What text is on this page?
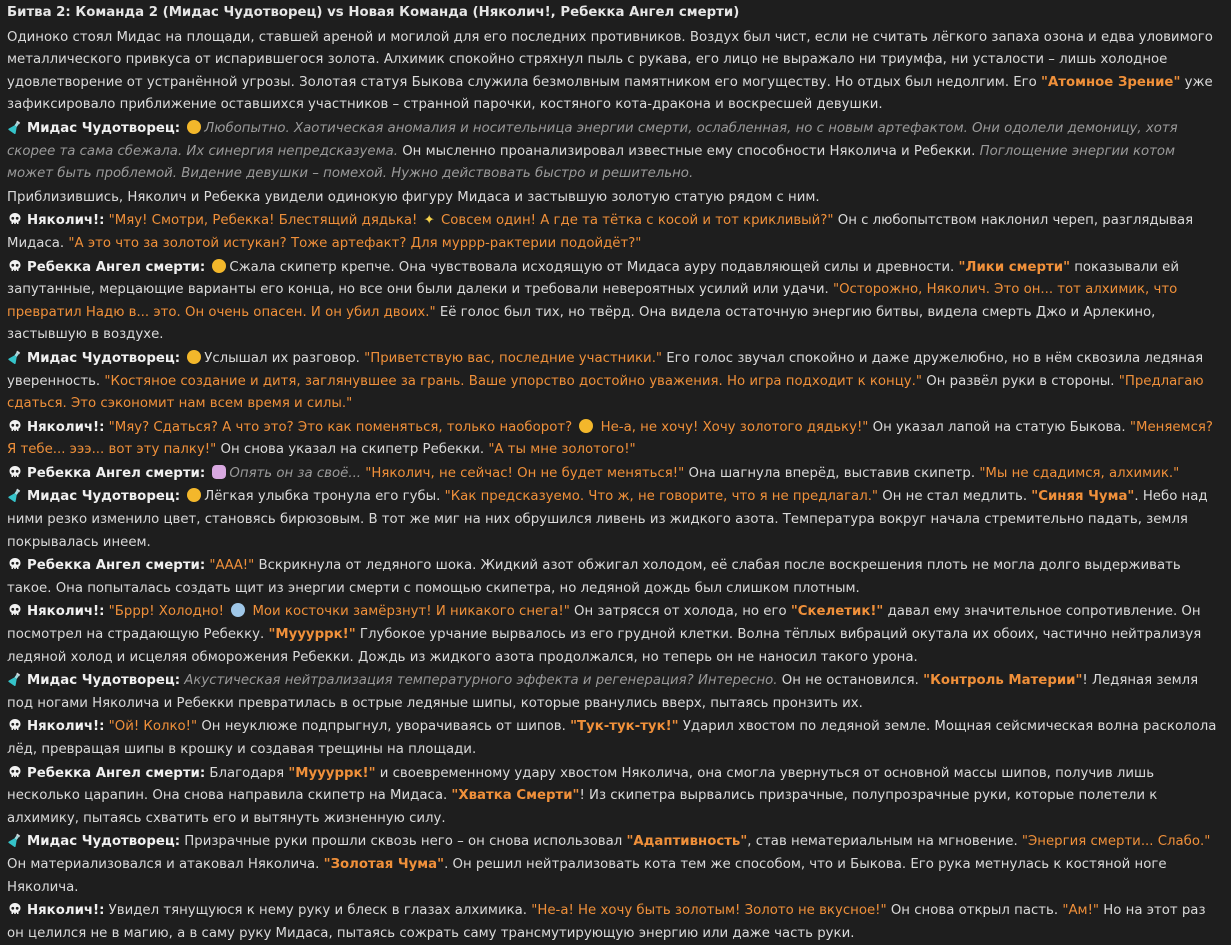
Битва 2: Команда 2 (Мидас Чудотворец) vs Новая Команда (Няколич!, Ребекка Ангел смерти)
Одиноко стоял Мидас на площади, ставшей ареной и могилой для его последних противников. Воздух был чист, если не считать лёгкого запаха озона и едва уловимого металлического привкуса от испарившегося золота. Алхимик спокойно стряхнул пыль с рукава, его лицо не выражало ни триумфа, ни усталости – лишь холодное удовлетворение от устранённой угрозы. Золотая статуя Быкова служила безмолвным памятником его могуществу. Но отдых был недолгим. Его "Атомное Зрение" уже зафиксировало приближение оставшихся участников – странной парочки, костяного кота-дракона и воскресшей девушки.
Мидас Чудотворец: Любопытно. Хаотическая аномалия и носительница энергии смерти, ослабленная, но с новым артефактом. Они одолели демоницу, хотя скорее та сама сбежала. Их синергия непредсказуема. Он мысленно проанализировал известные ему способности Няколича и Ребекки. Поглощение энергии котом может быть проблемой. Видение девушки – помехой. Нужно действовать быстро и решительно.
Приблизившись, Няколич и Ребекка увидели одинокую фигуру Мидаса и застывшую золотую статую рядом с ним.
Няколич!: "Мяу! Смотри, Ребекка! Блестящий дядька! ✦ Совсем один! А где та тётка с косой и тот крикливый?" Он с любопытством наклонил череп, разглядывая Мидаса. "А это что за золотой истукан? Тоже артефакт? Для муррр-рактерии подойдёт?"
Ребекка Ангел смерти: Сжала скипетр крепче. Она чувствовала исходящую от Мидаса ауру подавляющей силы и древности. "Лики смерти" показывали ей запутанные, мерцающие варианты его конца, но все они были далеки и требовали невероятных усилий или удачи. "Осторожно, Няколич. Это он... тот алхимик, что превратил Надю в... это. Он очень опасен. И он убил двоих." Её голос был тих, но твёрд. Она видела остаточную энергию битвы, видела смерть Джо и Арлекино, застывшую в воздухе.
Мидас Чудотворец: Услышал их разговор. "Приветствую вас, последние участники." Его голос звучал спокойно и даже дружелюбно, но в нём сквозила ледяная уверенность. "Костяное создание и дитя, заглянувшее за грань. Ваше упорство достойно уважения. Но игра подходит к концу." Он развёл руки в стороны. "Предлагаю сдаться. Это сэкономит нам всем время и силы."
Няколич!: "Мяу? Сдаться? А что это? Это как поменяться, только наоборот?  Не-а, не хочу! Хочу золотого дядьку!" Он указал лапой на статую Быкова. "Меняемся? Я тебе... эээ... вот эту палку!" Он снова указал на скипетр Ребекки. "А ты мне золотого!"
Ребекка Ангел смерти: Опять он за своё... "Няколич, не сейчас! Он не будет меняться!" Она шагнула вперёд, выставив скипетр. "Мы не сдадимся, алхимик."
Мидас Чудотворец: Лёгкая улыбка тронула его губы. "Как предсказуемо. Что ж, не говорите, что я не предлагал." Он не стал медлить. "Синяя Чума". Небо над ними резко изменило цвет, становясь бирюзовым. В тот же миг на них обрушился ливень из жидкого азота. Температура вокруг начала стремительно падать, земля покрывалась инеем.
Ребекка Ангел смерти: "ААА!" Вскрикнула от ледяного шока. Жидкий азот обжигал холодом, её слабая после воскрешения плоть не могла долго выдерживать такое. Она попыталась создать щит из энергии смерти с помощью скипетра, но ледяной дождь был слишком плотным.
Няколич!: "Бррр! Холодно!  Мои косточки замёрзнут! И никакого снега!" Он затрясся от холода, но его "Скелетик!" давал ему значительное сопротивление. Он посмотрел на страдающую Ребекку. "Муууррк!" Глубокое урчание вырвалось из его грудной клетки. Волна тёплых вибраций окутала их обоих, частично нейтрализуя ледяной холод и исцеляя обморожения Ребекки. Дождь из жидкого азота продолжался, но теперь он не наносил такого урона.
Мидас Чудотворец: Акустическая нейтрализация температурного эффекта и регенерация? Интересно. Он не остановился. "Контроль Материи"! Ледяная земля под ногами Няколича и Ребекки превратилась в острые ледяные шипы, которые рванулись вверх, пытаясь пронзить их.
Няколич!: "Ой! Колко!" Он неуклюже подпрыгнул, уворачиваясь от шипов. "Тук-тук-тук!" Ударил хвостом по ледяной земле. Мощная сейсмическая волна расколола лёд, превращая шипы в крошку и создавая трещины на площади.
Ребекка Ангел смерти: Благодаря "Муууррк!" и своевременному удару хвостом Няколича, она смогла увернуться от основной массы шипов, получив лишь несколько царапин. Она снова направила скипетр на Мидаса. "Хватка Смерти"! Из скипетра вырвались призрачные, полупрозрачные руки, которые полетели к алхимику, пытаясь схватить его и вытянуть жизненную силу.
Мидас Чудотворец: Призрачные руки прошли сквозь него – он снова использовал "Адаптивность", став нематериальным на мгновение. "Энергия смерти... Слабо." Он материализовался и атаковал Няколича. "Золотая Чума". Он решил нейтрализовать кота тем же способом, что и Быкова. Его рука метнулась к костяной ноге Няколича.
Няколич!: Увидел тянущуюся к нему руку и блеск в глазах алхимика. "Не-а! Не хочу быть золотым! Золото не вкусное!" Он снова открыл пасть. "Ам!" Но на этот раз он целился не в магию, а в саму руку Мидаса, пытаясь сожрать саму трансмутирующую энергию или даже часть руки.
